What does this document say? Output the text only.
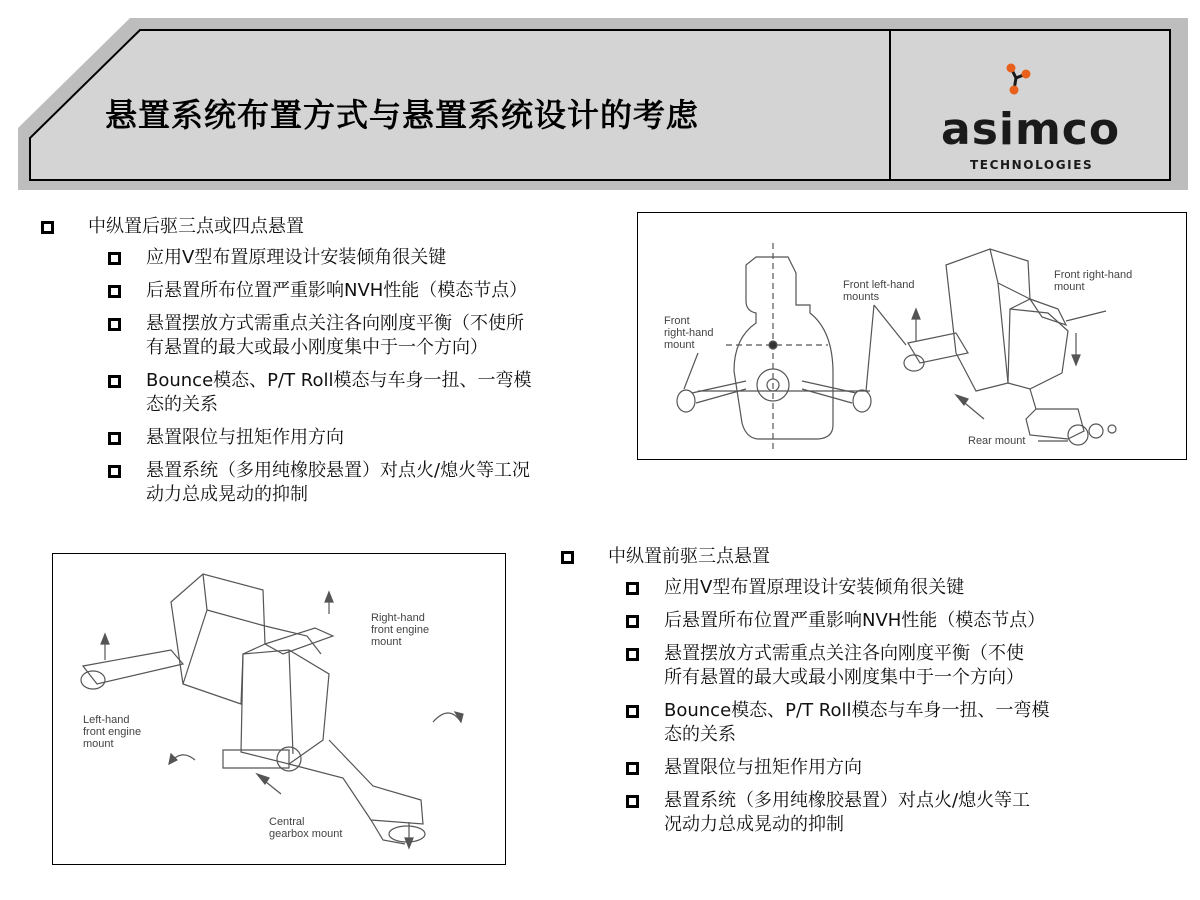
悬置系统布置方式与悬置系统设计的考虑	asimco
TECHNOLOGIES
中纵置后驱三点或四点悬置
应用V型布置原理设计安装倾角很关键
后悬置所布位置严重影响NVH性能（模态节点）
悬置摆放方式需重点关注各向刚度平衡（不使所
有悬置的最大或最小刚度集中于一个方向）
Bounce模态、P/T Roll模态与车身一扭、一弯模
态的关系
悬置限位与扭矩作用方向
悬置系统（多用纯橡胶悬置）对点火/熄火等工况
动力总成晃动的抑制
Front
right-hand
mount
Front left-hand
mounts
Front right-hand
mount
Rear mount
Right-hand
front engine
mount
Left-hand
front engine
mount
Central
gearbox mount
中纵置前驱三点悬置
应用V型布置原理设计安装倾角很关键
后悬置所布位置严重影响NVH性能（模态节点）
悬置摆放方式需重点关注各向刚度平衡（不使
所有悬置的最大或最小刚度集中于一个方向）
Bounce模态、P/T Roll模态与车身一扭、一弯模
态的关系
悬置限位与扭矩作用方向
悬置系统（多用纯橡胶悬置）对点火/熄火等工
况动力总成晃动的抑制
